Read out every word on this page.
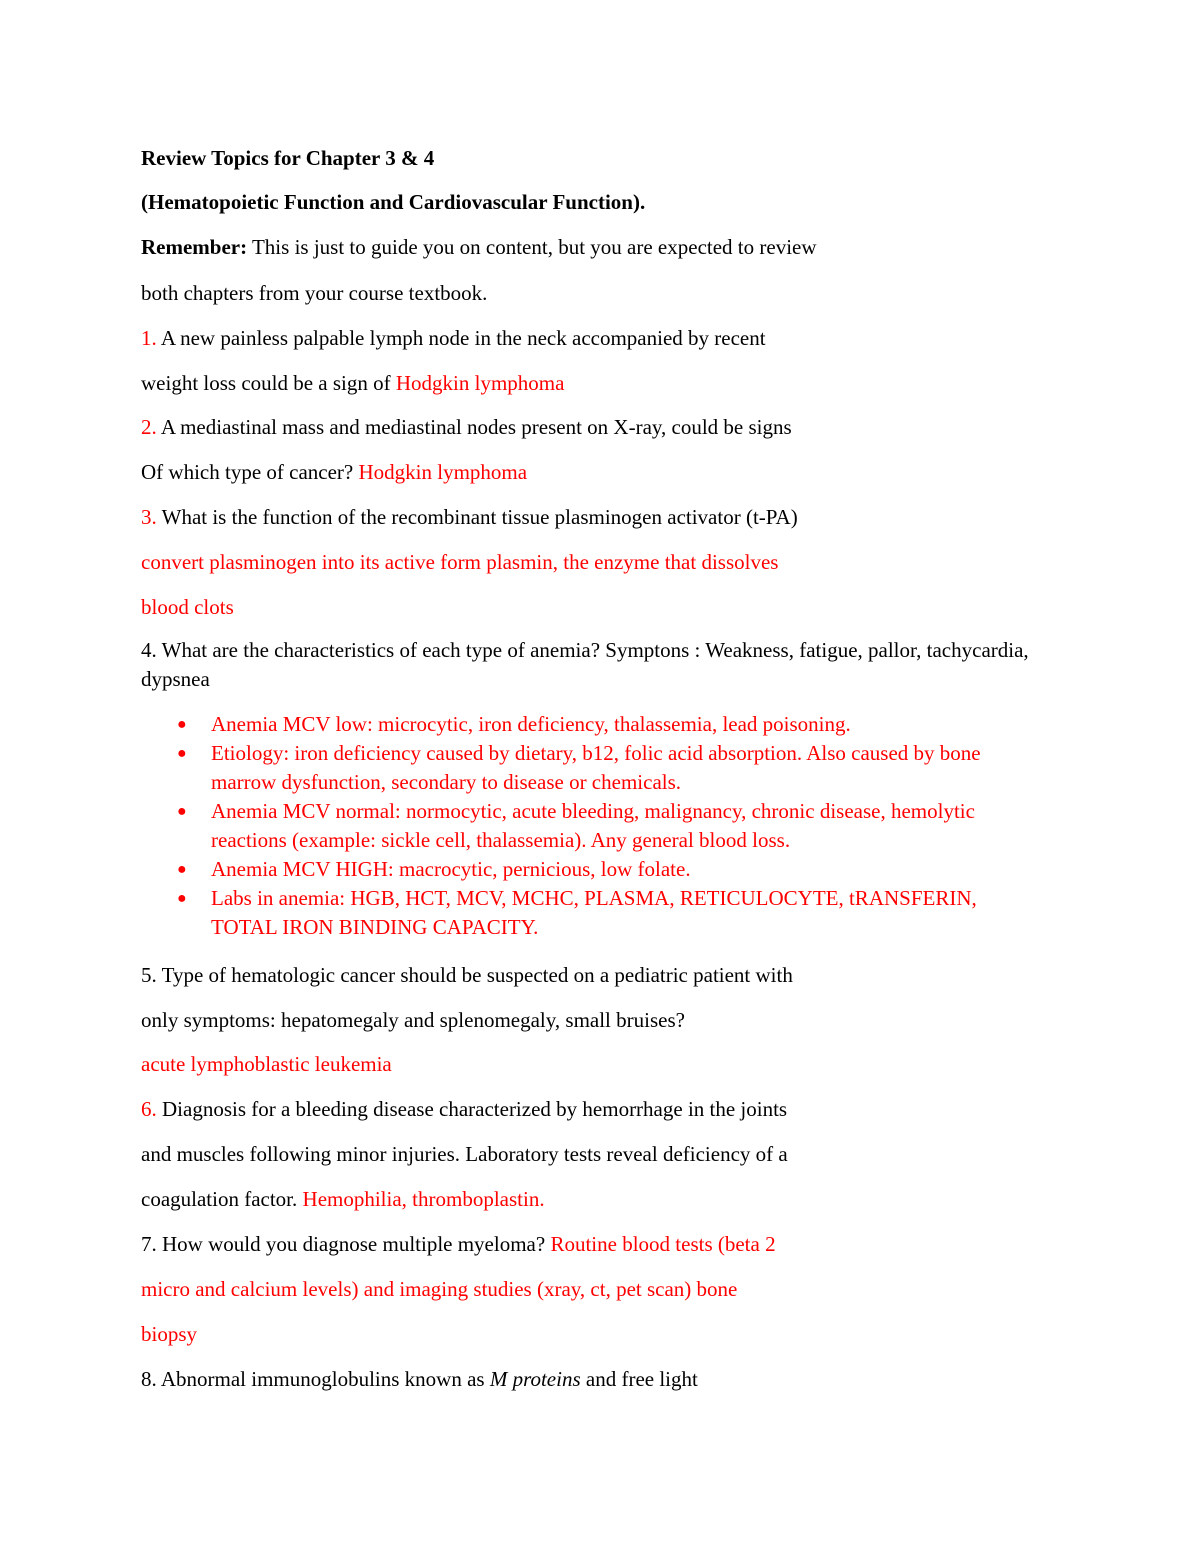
Review Topics for Chapter 3 & 4

(Hematopoietic Function and Cardiovascular Function).

Remember: This is just to guide you on content, but you are expected to review

both chapters from your course textbook.

1. A new painless palpable lymph node in the neck accompanied by recent

weight loss could be a sign of Hodgkin lymphoma

2. A mediastinal mass and mediastinal nodes present on X-ray, could be signs

Of which type of cancer? Hodgkin lymphoma

3. What is the function of the recombinant tissue plasminogen activator (t-PA)

convert plasminogen into its active form plasmin, the enzyme that dissolves

blood clots

4. What are the characteristics of each type of anemia? Symptons : Weakness, fatigue, pallor, tachycardia, dypsnea

● Anemia MCV low: microcytic, iron deficiency, thalassemia, lead poisoning.
● Etiology: iron deficiency caused by dietary, b12, folic acid absorption. Also caused by bone marrow dysfunction, secondary to disease or chemicals.
● Anemia MCV normal: normocytic, acute bleeding, malignancy, chronic disease, hemolytic reactions (example: sickle cell, thalassemia). Any general blood loss.
● Anemia MCV HIGH: macrocytic, pernicious, low folate.
● Labs in anemia: HGB, HCT, MCV, MCHC, PLASMA, RETICULOCYTE, tRANSFERIN, TOTAL IRON BINDING CAPACITY.

5. Type of hematologic cancer should be suspected on a pediatric patient with

only symptoms: hepatomegaly and splenomegaly, small bruises?

acute lymphoblastic leukemia

6. Diagnosis for a bleeding disease characterized by hemorrhage in the joints

and muscles following minor injuries. Laboratory tests reveal deficiency of a

coagulation factor. Hemophilia, thromboplastin.

7. How would you diagnose multiple myeloma? Routine blood tests (beta 2

micro and calcium levels) and imaging studies (xray, ct, pet scan) bone

biopsy

8. Abnormal immunoglobulins known as M proteins and free light
